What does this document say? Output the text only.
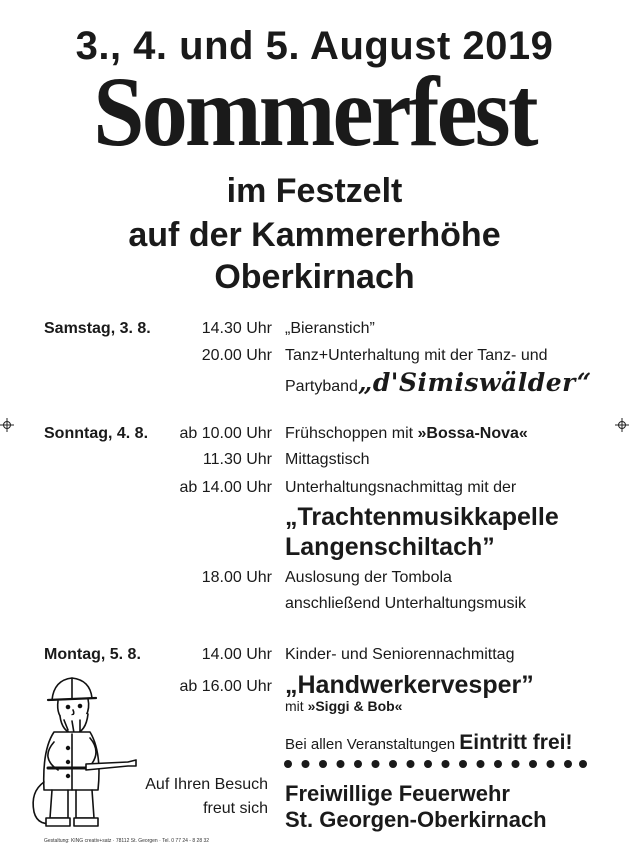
3., 4. und 5. August 2019
Sommerfest
im Festzelt
auf der Kammererhöhe
Oberkirnach
Samstag, 3. 8.	14.30 Uhr „Bieranstich”
20.00 Uhr Tanz+Unterhaltung mit der Tanz- und
Partyband„d'Simiswälder“
Sonntag, 4. 8. ab 10.00 Uhr Frühschoppen mit »Bossa-Nova«
11.30 Uhr Mittagstisch
ab 14.00 Uhr Unterhaltungsnachmittag mit der
„Trachtenmusikkapelle
Langenschiltach”
18.00 Uhr Auslosung der Tombola
anschließend Unterhaltungsmusik
Montag, 5. 8.	14.00 Uhr Kinder- und Seniorennachmittag
ab 16.00 Uhr „Handwerkervesper”
mit »Siggi & Bob«
Bei allen Veranstaltungen Eintritt frei!
Auf Ihren Besuch
freut sich
Freiwillige Feuerwehr
St. Georgen-Oberkirnach
Gestaltung: KING creativ+satz · 78112 St. Georgen · Tel. 0 77 24 - 8 28 32
